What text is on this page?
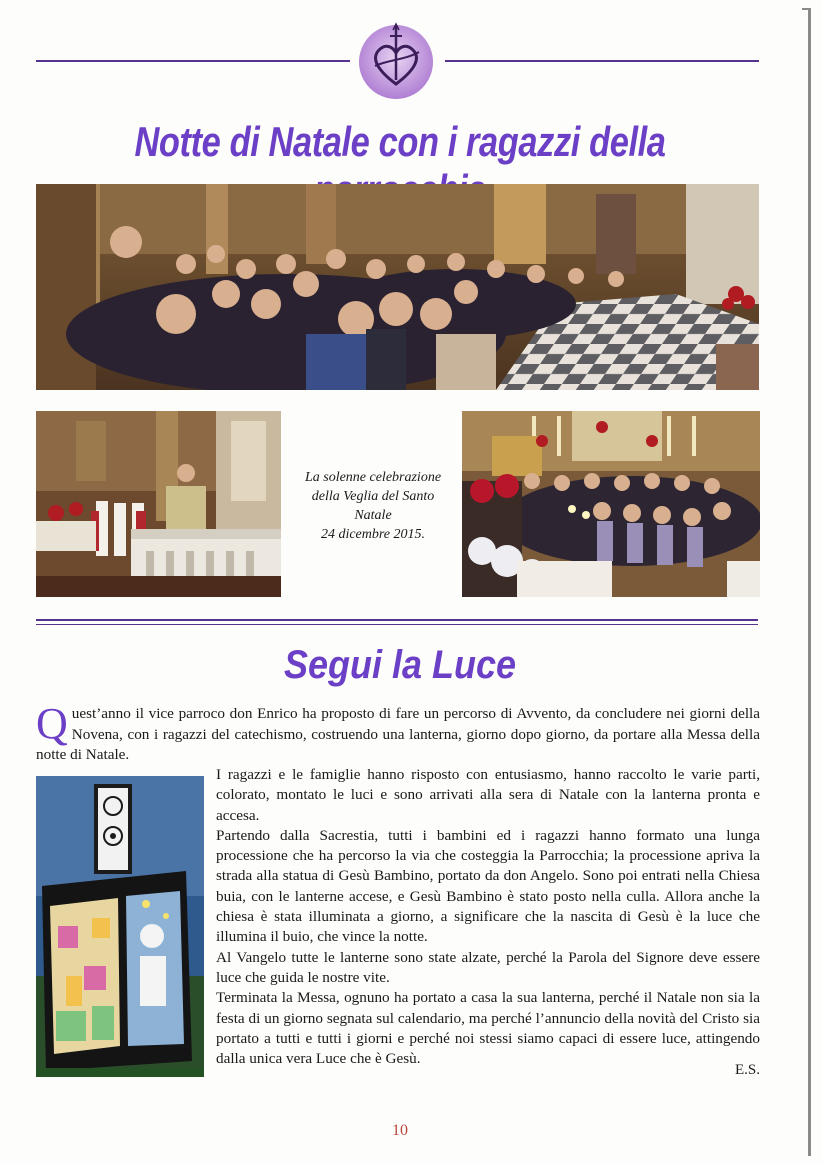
Notte di Natale con i ragazzi della
La solenne celebrazione
della Veglia del Santo
Natale
24 dicembre 2015.
Segui la Luce
Quest’anno il vice parroco don Enrico ha proposto di fare un percorso di Avvento, da concludere nei giorni della Novena, con i ragazzi del catechismo, costruendo una lanterna, giorno dopo giorno, da portare alla Messa della notte di Natale.

I ragazzi e le famiglie hanno risposto con entusiasmo, hanno raccolto le varie parti, colorato, montato le luci e sono arrivati alla sera di Natale con la lanterna pronta e accesa.

Partendo dalla Sacrestia, tutti i bambini ed i ragazzi hanno formato una lunga processione che ha percorso la via che costeggia la Parrocchia; la processione apriva la strada alla statua di Gesù Bambino, portato da don Angelo. Sono poi entrati nella Chiesa buia, con le lanterne accese, e Gesù Bambino è stato posto nella culla. Allora anche la chiesa è stata illuminata a giorno, a significare che la nascita di Gesù è la luce che illumina il buio, che vince la notte.

Al Vangelo tutte le lanterne sono state alzate, perché la Parola del Signore deve essere luce che guida le nostre vite.

Terminata la Messa, ognuno ha portato a casa la sua lanterna, perché il Natale non sia la festa di un giorno segnata sul calendario, ma perché l’annuncio della novità del Cristo sia portato a tutti e tutti i giorni e perché noi stessi siamo capaci di essere luce, attingendo dalla unica vera Luce che è Gesù.

E.S.
10
